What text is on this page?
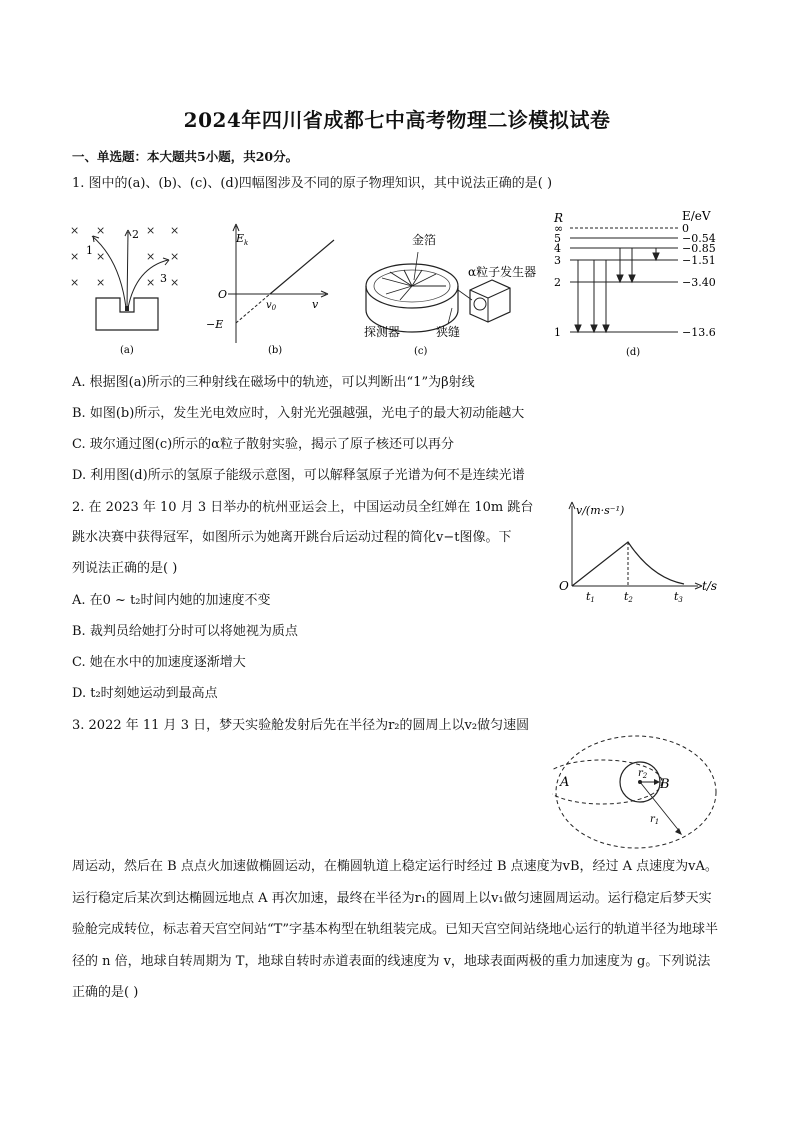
2024年四川省成都七中高考物理二诊模拟试卷
一、单选题：本大题共5小题，共20分。
1. 图中的(a)、(b)、(c)、(d)四幅图涉及不同的原子物理知识，其中说法正确的是( )
× ×	× ×
× ×	× ×
× ×	× ×
1
2
3
(a)
$E_k$
O
$v_0$	v
−E
(b)
金箔
α粒子发生器
探测器	狭缝
(c)
R	E/eV
∞	0
5	−0.54
4	−0.85
3	−1.51
2	−3.40
1	−13.6
(d)
A. 根据图(a)所示的三种射线在磁场中的轨迹，可以判断出“1”为β射线
B. 如图(b)所示，发生光电效应时，入射光光强越强，光电子的最大初动能越大
C. 玻尔通过图(c)所示的α粒子散射实验，揭示了原子核还可以再分
D. 利用图(d)所示的氢原子能级示意图，可以解释氢原子光谱为何不是连续光谱
2. 在 2023 年 10 月 3 日举办的杭州亚运会上，中国运动员全红婵在 10m 跳台
跳水决赛中获得冠军，如图所示为她离开跳台后运动过程的简化v−t图像。下
列说法正确的是( )
A. 在0 ~ t₂时间内她的加速度不变
B. 裁判员给她打分时可以将她视为质点
C. 她在水中的加速度逐渐增大
D. t₂时刻她运动到最高点
v/(m·s⁻¹)
t/s
O
t1	t2	t3
3. 2022 年 11 月 3 日，梦天实验舱发射后先在半径为r₂的圆周上以v₂做匀速圆
A	B
$r_2$
$r_1$
周运动，然后在 B 点点火加速做椭圆运动，在椭圆轨道上稳定运行时经过 B 点速度为vB，经过 A 点速度为vA。运行稳定后某次到达椭圆远地点 A 再次加速，最终在半径为r₁的圆周上以v₁做匀速圆周运动。运行稳定后梦天实验舱完成转位，标志着天宫空间站“T”字基本构型在轨组装完成。已知天宫空间站绕地心运行的轨道半径为地球半径的 n 倍，地球自转周期为 T，地球自转时赤道表面的线速度为 v，地球表面两极的重力加速度为 g。下列说法正确的是( )
